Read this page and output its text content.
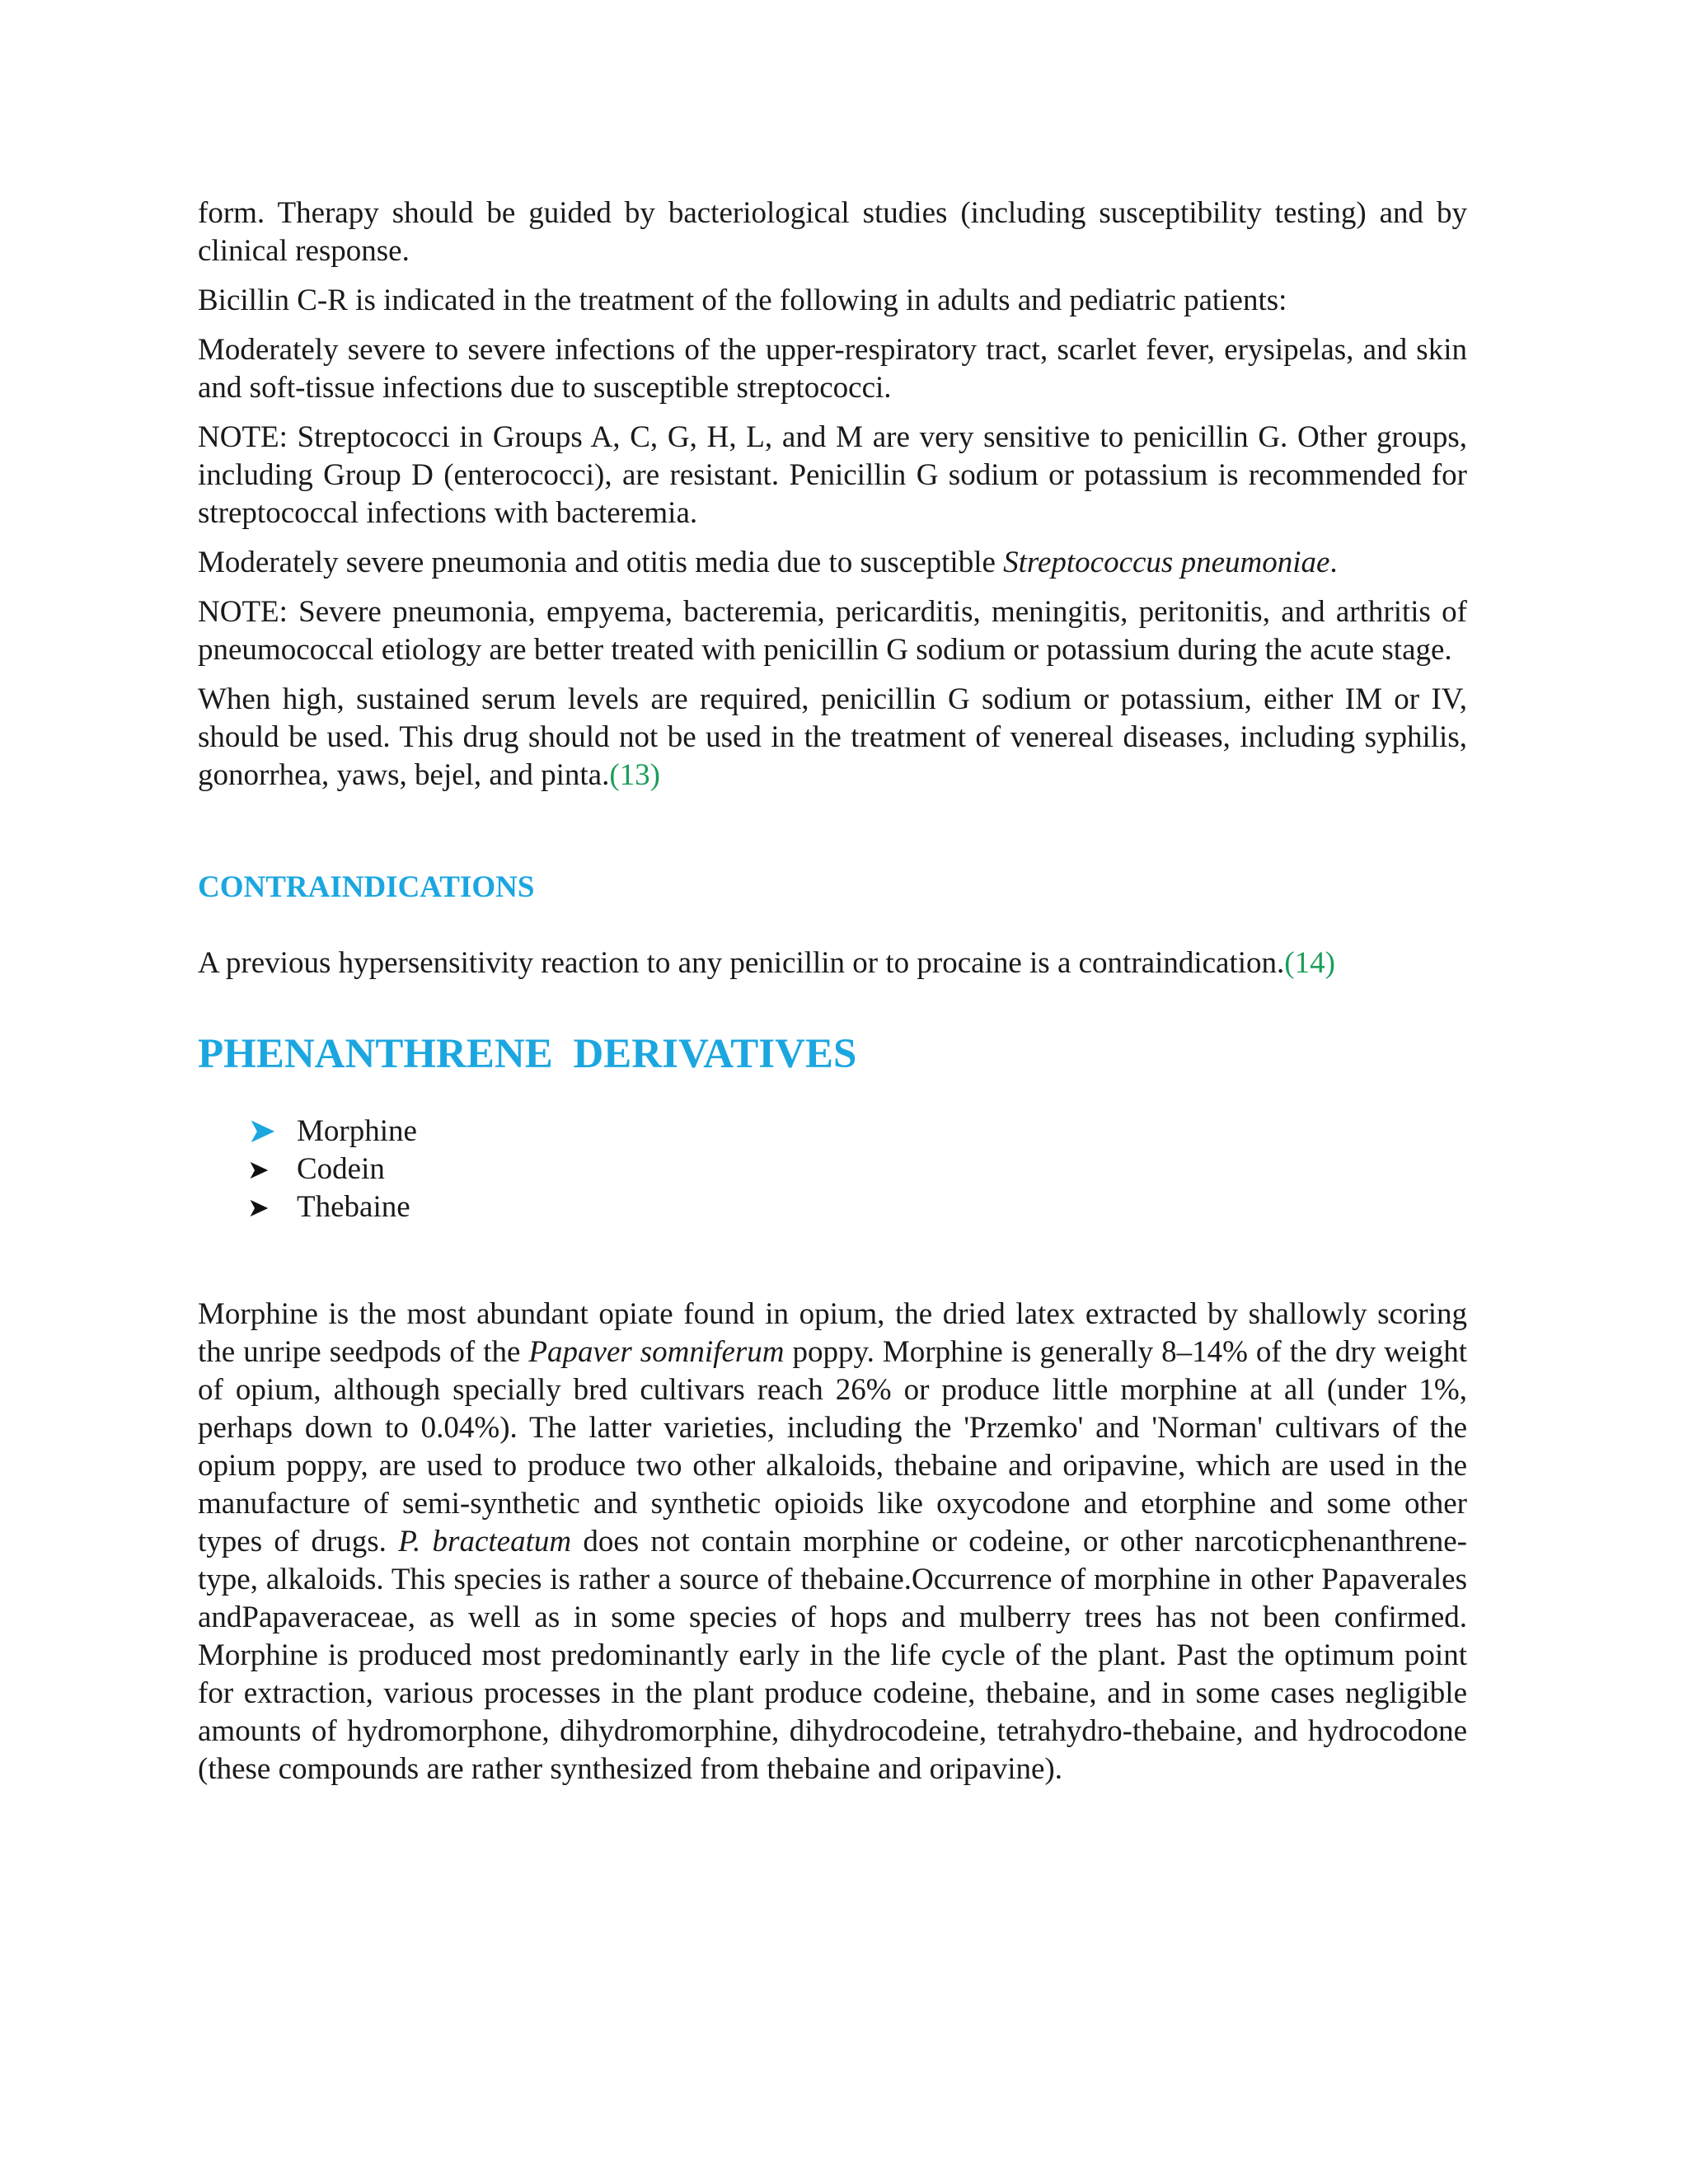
form. Therapy should be guided by bacteriological studies (including susceptibility testing) and by clinical response.

Bicillin C-R is indicated in the treatment of the following in adults and pediatric patients:

Moderately severe to severe infections of the upper-respiratory tract, scarlet fever, erysipelas, and skin and soft-tissue infections due to susceptible streptococci.

NOTE: Streptococci in Groups A, C, G, H, L, and M are very sensitive to penicillin G. Other groups, including Group D (enterococci), are resistant. Penicillin G sodium or potassium is recommended for streptococcal infections with bacteremia.

Moderately severe pneumonia and otitis media due to susceptible Streptococcus pneumoniae.

NOTE: Severe pneumonia, empyema, bacteremia, pericarditis, meningitis, peritonitis, and arthritis of pneumococcal etiology are better treated with penicillin G sodium or potassium during the acute stage.

When high, sustained serum levels are required, penicillin G sodium or potassium, either IM or IV, should be used. This drug should not be used in the treatment of venereal diseases, including syphilis, gonorrhea, yaws, bejel, and pinta.(13)

CONTRAINDICATIONS

A previous hypersensitivity reaction to any penicillin or to procaine is a contraindication.(14)

PHENANTHRENE DERIVATIVES
➤ Morphine
➤ Codein
➤ Thebaine

Morphine is the most abundant opiate found in opium, the dried latex extracted by shallowly scoring the unripe seedpods of the Papaver somniferum poppy. Morphine is generally 8–14% of the dry weight of opium, although specially bred cultivars reach 26% or produce little morphine at all (under 1%, perhaps down to 0.04%). The latter varieties, including the 'Przemko' and 'Norman' cultivars of the opium poppy, are used to produce two other alkaloids, thebaine and oripavine, which are used in the manufacture of semi-synthetic and synthetic opioids like oxycodone and etorphine and some other types of drugs. P. bracteatum does not contain morphine or codeine, or other narcoticphenanthrene-type, alkaloids. This species is rather a source of thebaine.Occurrence of morphine in other Papaverales andPapaveraceae, as well as in some species of hops and mulberry trees has not been confirmed. Morphine is produced most predominantly early in the life cycle of the plant. Past the optimum point for extraction, various processes in the plant produce codeine, thebaine, and in some cases negligible amounts of hydromorphone, dihydromorphine, dihydrocodeine, tetrahydro-thebaine, and hydrocodone (these compounds are rather synthesized from thebaine and oripavine).
